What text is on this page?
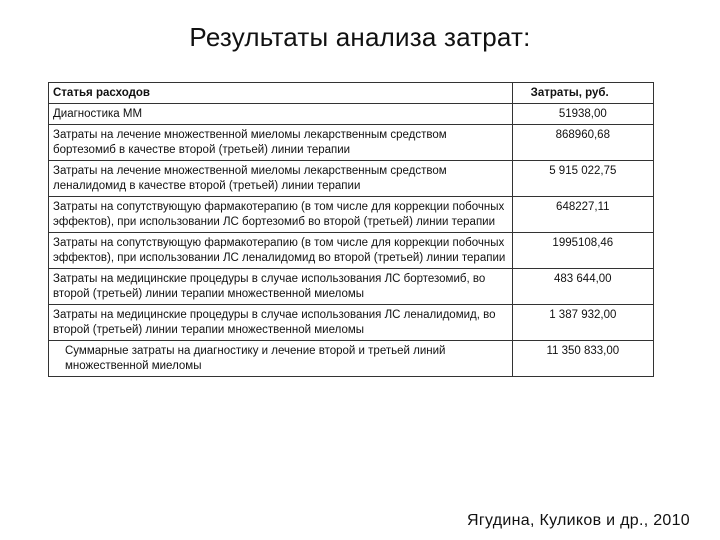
Результаты анализа затрат:
Статья расходов	Затраты, руб.
Диагностика ММ	51938,00
Затраты на лечение множественной миеломы лекарственным средством бортезомиб в качестве второй (третьей) линии терапии	868960,68
Затраты на лечение множественной миеломы лекарственным средством леналидомид в качестве второй (третьей) линии терапии	5 915 022,75
Затраты на сопутствующую фармакотерапию (в том числе для коррекции побочных эффектов), при использовании ЛС бортезомиб во второй (третьей) линии терапии	648227,11
Затраты на сопутствующую фармакотерапию (в том числе для коррекции побочных эффектов), при использовании ЛС леналидомид во второй (третьей) линии терапии	1995108,46
Затраты на медицинские процедуры в случае использования ЛС бортезомиб, во второй (третьей) линии терапии множественной миеломы	483 644,00
Затраты на медицинские процедуры в случае использования ЛС леналидомид, во второй (третьей) линии терапии множественной миеломы	1 387 932,00
Суммарные затраты на диагностику и лечение второй и третьей линий множественной миеломы	11 350 833,00
Ягудина, Куликов и др., 2010
